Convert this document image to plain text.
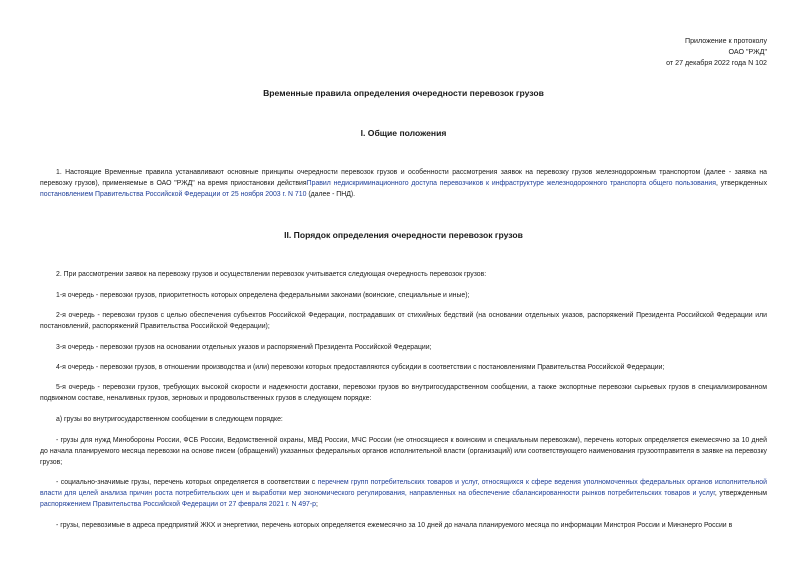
Приложение к протоколу
ОАО "РЖД"
от 27 декабря 2022 года N 102
Временные правила определения очередности перевозок грузов
I. Общие положения
1. Настоящие Временные правила устанавливают основные принципы очередности перевозок грузов и особенности рассмотрения заявок на перевозку грузов железнодорожным транспортом (далее - заявка на перевозку грузов), применяемые в ОАО "РЖД" на время приостановки действияПравил недискриминационного доступа перевозчиков к инфраструктуре железнодорожного транспорта общего пользования, утвержденных постановлением Правительства Российской Федерации от 25 ноября 2003 г. N 710 (далее - ПНД).
II. Порядок определения очередности перевозок грузов
2. При рассмотрении заявок на перевозку грузов и осуществлении перевозок учитывается следующая очередность перевозок грузов:
1-я очередь - перевозки грузов, приоритетность которых определена федеральными законами (воинские, специальные и иные);
2-я очередь - перевозки грузов с целью обеспечения субъектов Российской Федерации, пострадавших от стихийных бедствий (на основании отдельных указов, распоряжений Президента Российской Федерации или постановлений, распоряжений Правительства Российской Федерации);
3-я очередь - перевозки грузов на основании отдельных указов и распоряжений Президента Российской Федерации;
4-я очередь - перевозки грузов, в отношении производства и (или) перевозки которых предоставляются субсидии в соответствии с постановлениями Правительства Российской Федерации;
5-я очередь - перевозки грузов, требующих высокой скорости и надежности доставки, перевозки грузов во внутригосударственном сообщении, а также экспортные перевозки сырьевых грузов в специализированном подвижном составе, неналивных грузов, зерновых и продовольственных грузов в следующем порядке:
а) грузы во внутригосударственном сообщении в следующем порядке:
- грузы для нужд Минобороны России, ФСБ России, Ведомственной охраны, МВД России, МЧС России (не относящиеся к воинским и специальным перевозкам), перечень которых определяется ежемесячно за 10 дней до начала планируемого месяца перевозки на основе писем (обращений) указанных федеральных органов исполнительной власти (организаций) или соответствующего наименования грузоотправителя в заявке на перевозку грузов;
- социально-значимые грузы, перечень которых определяется в соответствии с перечнем групп потребительских товаров и услуг, относящихся к сфере ведения уполномоченных федеральных органов исполнительной власти для целей анализа причин роста потребительских цен и выработки мер экономического регулирования, направленных на обеспечение сбалансированности рынков потребительских товаров и услуг, утвержденным распоряжением Правительства Российской Федерации от 27 февраля 2021 г. N 497-р;
- грузы, перевозимые в адреса предприятий ЖКХ и энергетики, перечень которых определяется ежемесячно за 10 дней до начала планируемого месяца по информации Минстроя России и Минэнерго России в
